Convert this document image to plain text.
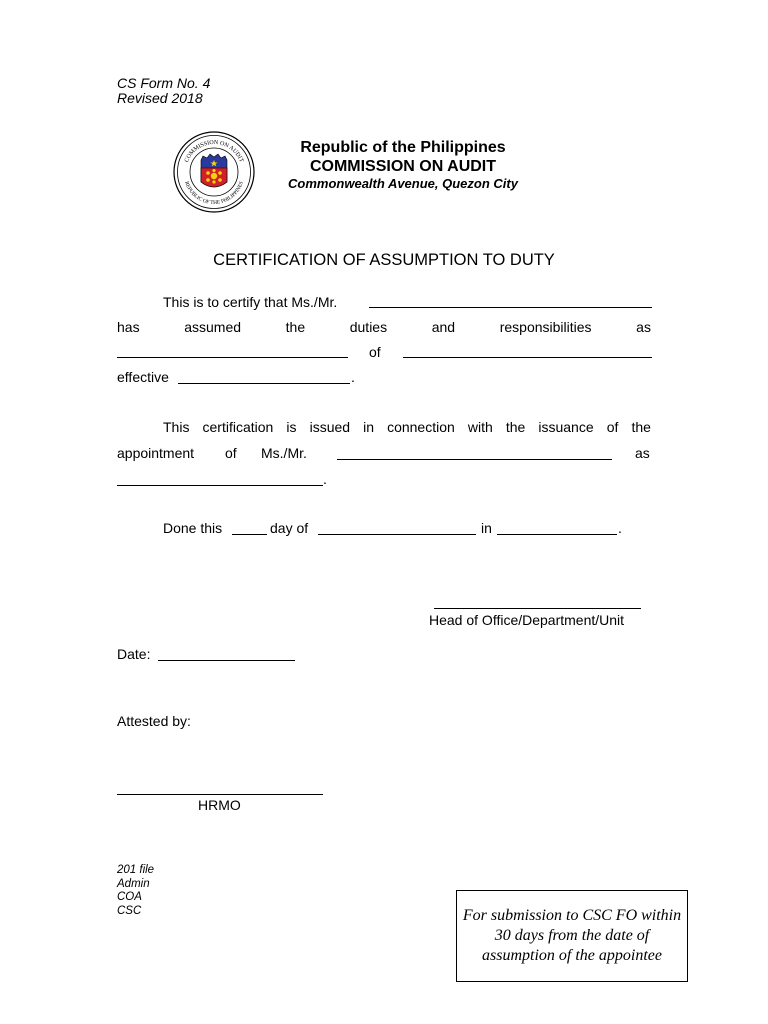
CS Form No. 4
Revised 2018
COMMISSION ON AUDIT
REPUBLIC OF THE PHILIPPINES
Republic of the Philippines
COMMISSION ON AUDIT
Commonwealth Avenue, Quezon City
CERTIFICATION OF ASSUMPTION TO DUTY
This is to certify that Ms./Mr.
has	assumed	the	duties	and	responsibilities	as
of
effective	.
This certification is issued in connection with the issuance of the
appointment of Ms./Mr.	as
.
Done this	day of	in	.
Head of Office/Department/Unit
Date:
Attested by:
HRMO
201 file
Admin
COA
CSC	For submission to CSC FO within 30 days from the date of assumption of the appointee
